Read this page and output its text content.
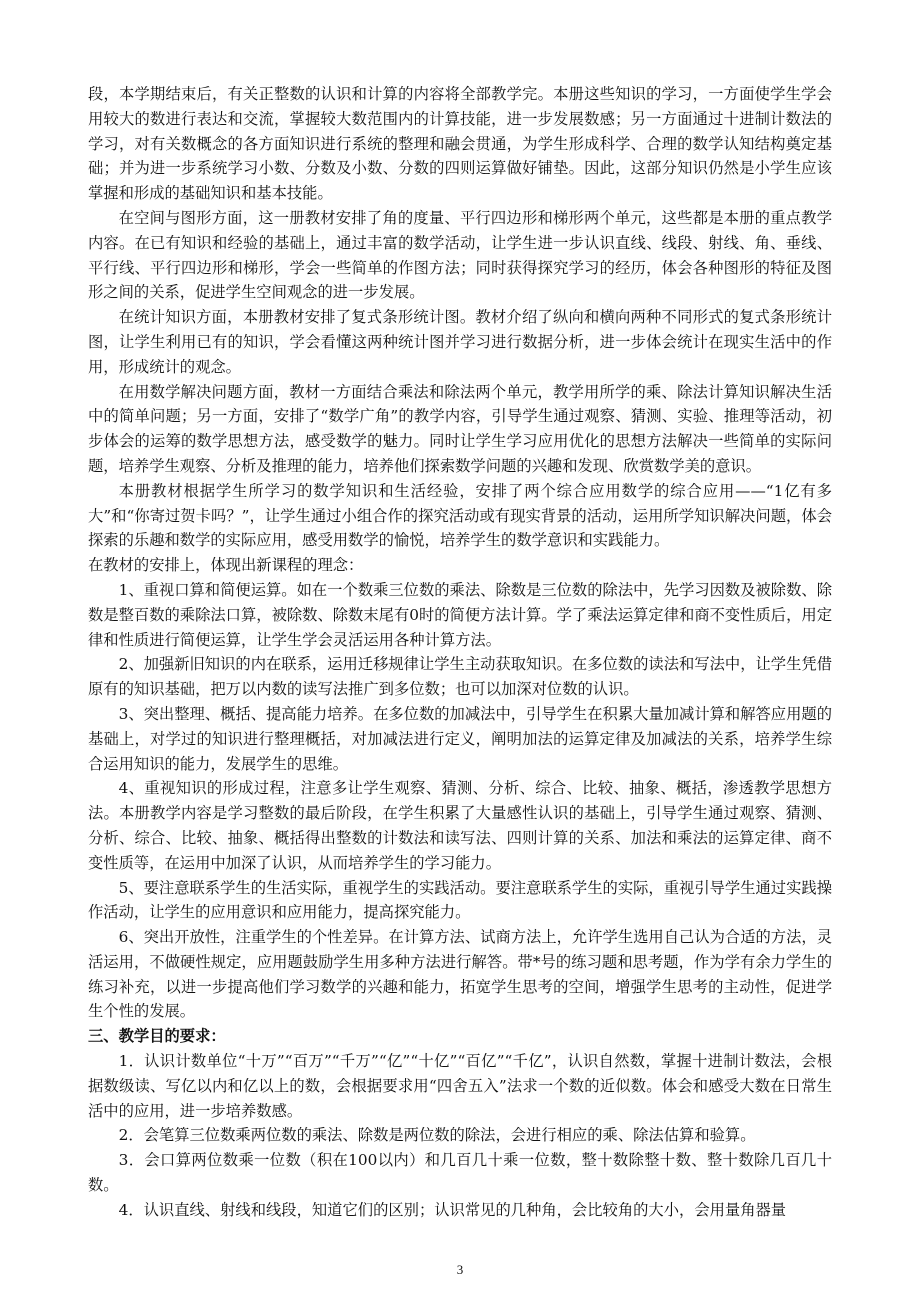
段，本学期结束后，有关正整数的认识和计算的内容将全部教学完。本册这些知识的学习，一方面使学生学会用较大的数进行表达和交流，掌握较大数范围内的计算技能，进一步发展数感；另一方面通过十进制计数法的学习，对有关数概念的各方面知识进行系统的整理和融会贯通，为学生形成科学、合理的数学认知结构奠定基础；并为进一步系统学习小数、分数及小数、分数的四则运算做好铺垫。因此，这部分知识仍然是小学生应该掌握和形成的基础知识和基本技能。

在空间与图形方面，这一册教材安排了角的度量、平行四边形和梯形两个单元，这些都是本册的重点教学内容。在已有知识和经验的基础上，通过丰富的数学活动，让学生进一步认识直线、线段、射线、角、垂线、平行线、平行四边形和梯形，学会一些简单的作图方法；同时获得探究学习的经历，体会各种图形的特征及图形之间的关系，促进学生空间观念的进一步发展。

在统计知识方面，本册教材安排了复式条形统计图。教材介绍了纵向和横向两种不同形式的复式条形统计图，让学生利用已有的知识，学会看懂这两种统计图并学习进行数据分析，进一步体会统计在现实生活中的作用，形成统计的观念。

在用数学解决问题方面，教材一方面结合乘法和除法两个单元，教学用所学的乘、除法计算知识解决生活中的简单问题；另一方面，安排了“数学广角”的教学内容，引导学生通过观察、猜测、实验、推理等活动，初步体会的运筹的数学思想方法，感受数学的魅力。同时让学生学习应用优化的思想方法解决一些简单的实际问题，培养学生观察、分析及推理的能力，培养他们探索数学问题的兴趣和发现、欣赏数学美的意识。

本册教材根据学生所学习的数学知识和生活经验，安排了两个综合应用数学的综合应用——“1亿有多大”和“你寄过贺卡吗？”，让学生通过小组合作的探究活动或有现实背景的活动，运用所学知识解决问题，体会探索的乐趣和数学的实际应用，感受用数学的愉悦，培养学生的数学意识和实践能力。

在教材的安排上，体现出新课程的理念：

1、重视口算和简便运算。如在一个数乘三位数的乘法、除数是三位数的除法中，先学习因数及被除数、除数是整百数的乘除法口算，被除数、除数末尾有0时的简便方法计算。学了乘法运算定律和商不变性质后，用定律和性质进行简便运算，让学生学会灵活运用各种计算方法。

2、加强新旧知识的内在联系，运用迁移规律让学生主动获取知识。在多位数的读法和写法中，让学生凭借原有的知识基础，把万以内数的读写法推广到多位数；也可以加深对位数的认识。

3、突出整理、概括、提高能力培养。在多位数的加减法中，引导学生在积累大量加减计算和解答应用题的基础上，对学过的知识进行整理概括，对加减法进行定义，阐明加法的运算定律及加减法的关系，培养学生综合运用知识的能力，发展学生的思维。

4、重视知识的形成过程，注意多让学生观察、猜测、分析、综合、比较、抽象、概括，渗透教学思想方法。本册教学内容是学习整数的最后阶段，在学生积累了大量感性认识的基础上，引导学生通过观察、猜测、分析、综合、比较、抽象、概括得出整数的计数法和读写法、四则计算的关系、加法和乘法的运算定律、商不变性质等，在运用中加深了认识，从而培养学生的学习能力。

5、要注意联系学生的生活实际，重视学生的实践活动。要注意联系学生的实际，重视引导学生通过实践操作活动，让学生的应用意识和应用能力，提高探究能力。

6、突出开放性，注重学生的个性差异。在计算方法、试商方法上，允许学生选用自己认为合适的方法，灵活运用，不做硬性规定，应用题鼓励学生用多种方法进行解答。带*号的练习题和思考题，作为学有余力学生的练习补充，以进一步提高他们学习数学的兴趣和能力，拓宽学生思考的空间，增强学生思考的主动性，促进学生个性的发展。

三、教学目的要求：

1．认识计数单位“十万”“百万”“千万”“亿”“十亿”“百亿”“千亿”，认识自然数，掌握十进制计数法，会根据数级读、写亿以内和亿以上的数，会根据要求用“四舍五入”法求一个数的近似数。体会和感受大数在日常生活中的应用，进一步培养数感。

2．会笔算三位数乘两位数的乘法、除数是两位数的除法，会进行相应的乘、除法估算和验算。

3．会口算两位数乘一位数（积在100以内）和几百几十乘一位数，整十数除整十数、整十数除几百几十数。

4．认识直线、射线和线段，知道它们的区别；认识常见的几种角，会比较角的大小，会用量角器量

3
